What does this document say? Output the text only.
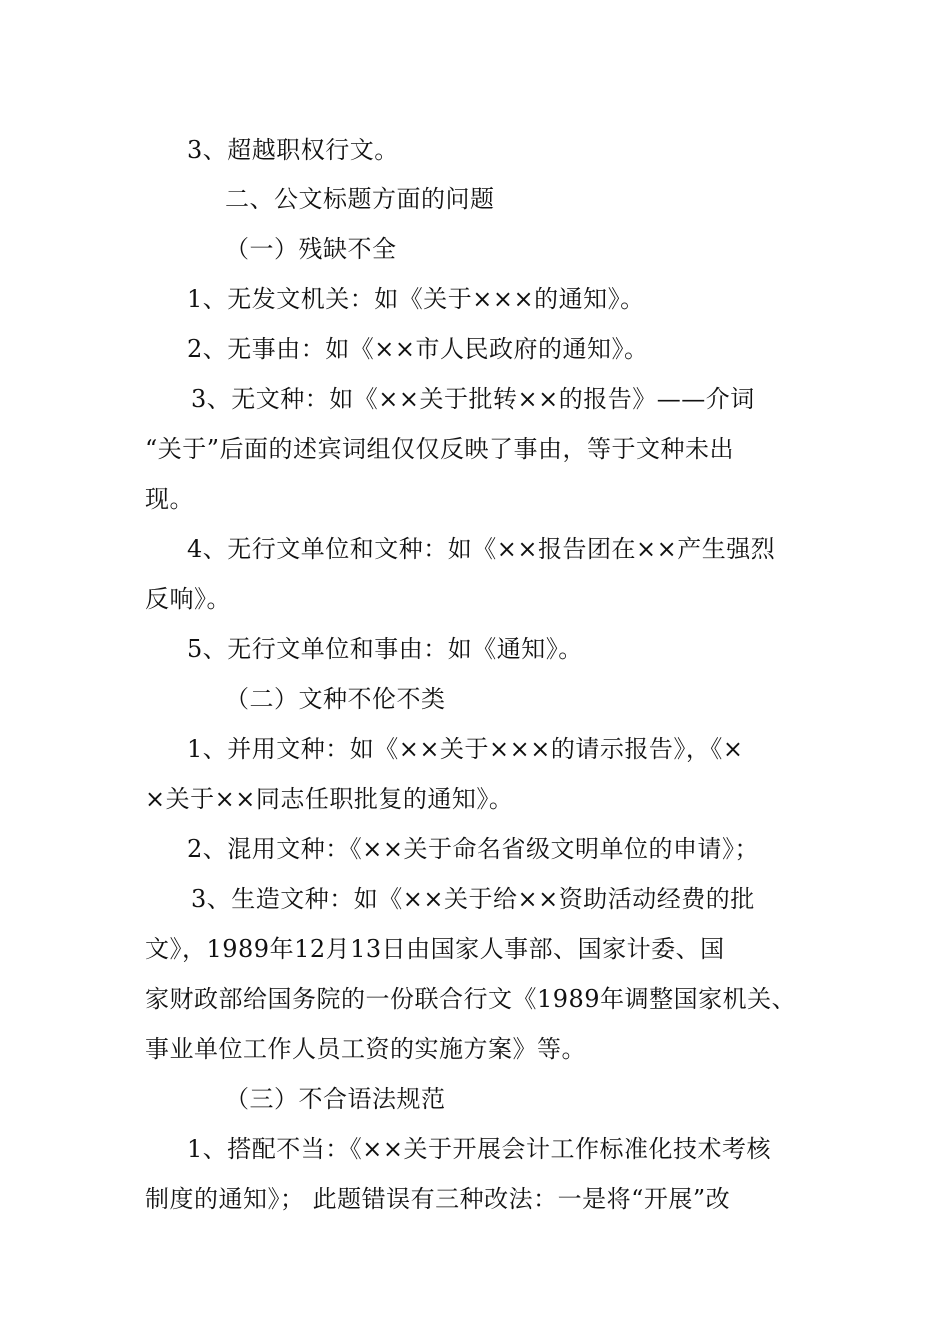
3、超越职权行文。
二、公文标题方面的问题
（一）残缺不全
1、无发文机关：如《关于×××的通知》。
2、无事由：如《××市人民政府的通知》。
3、无文种：如《××关于批转××的报告》——介词
“关于”后面的述宾词组仅仅反映了事由，等于文种未出
现。
4、无行文单位和文种：如《××报告团在××产生强烈
反响》。
5、无行文单位和事由：如《通知》。
（二）文种不伦不类
1、并用文种：如《××关于×××的请示报告》，《×
×关于××同志任职批复的通知》。
2、混用文种：《××关于命名省级文明单位的申请》；
3、生造文种：如《××关于给××资助活动经费的批
文》，1989年12月13日由国家人事部、国家计委、国
家财政部给国务院的一份联合行文《1989年调整国家机关、
事业单位工作人员工资的实施方案》等。
（三）不合语法规范
1、搭配不当：《××关于开展会计工作标准化技术考核
制度的通知》； 此题错误有三种改法：一是将“开展”改
